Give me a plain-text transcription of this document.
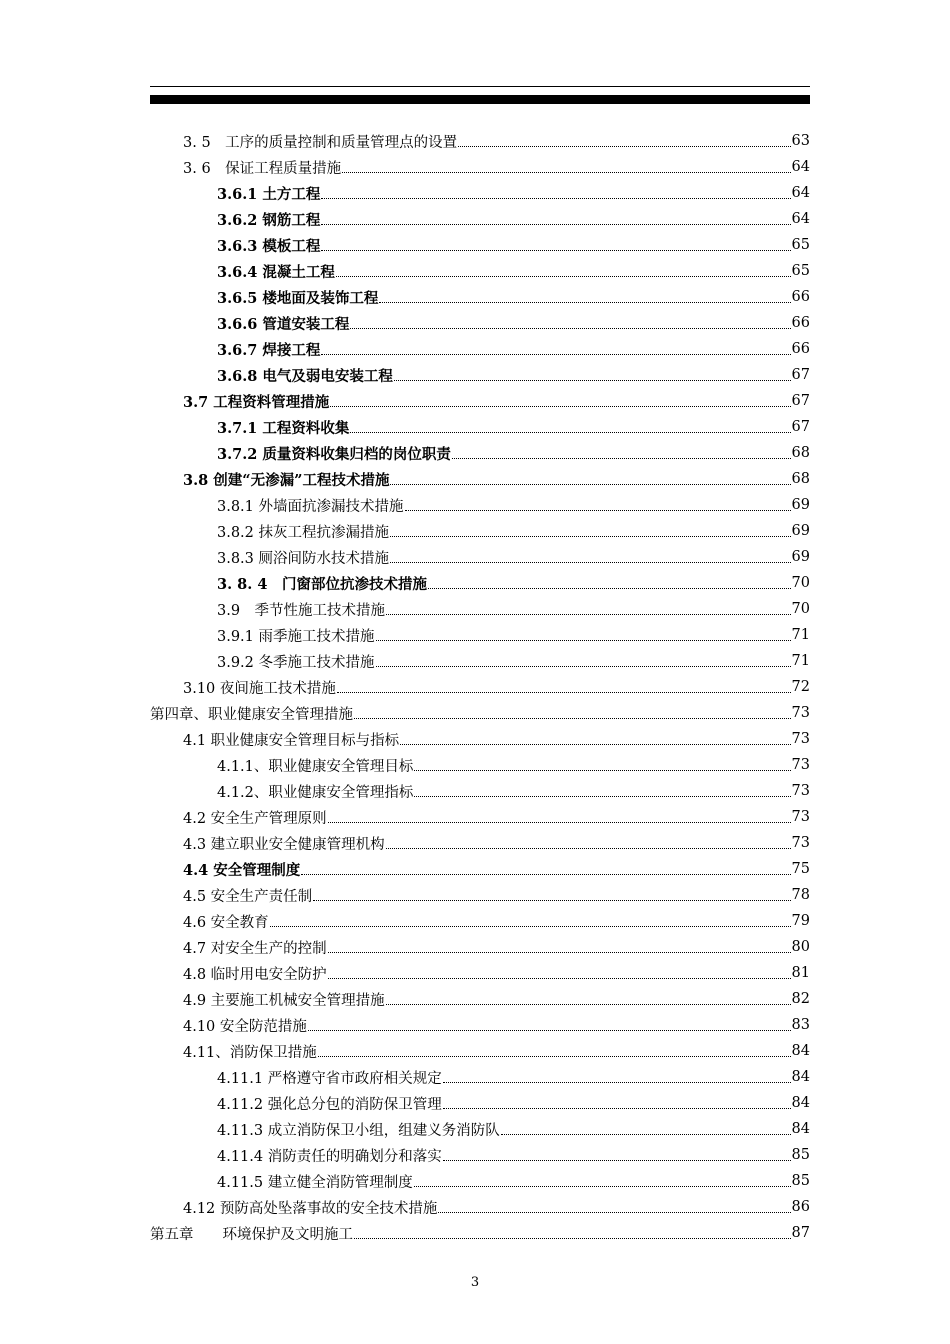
3. 5　工序的质量控制和质量管理点的设置	63
3. 6　保证工程质量措施	64
3.6.1 土方工程	64
3.6.2 钢筋工程	64
3.6.3 模板工程	65
3.6.4 混凝土工程	65
3.6.5 楼地面及装饰工程	66
3.6.6 管道安装工程	66
3.6.7 焊接工程	66
3.6.8 电气及弱电安装工程	67
3.7 工程资料管理措施	67
3.7.1 工程资料收集	67
3.7.2 质量资料收集归档的岗位职责	68
3.8 创建“无渗漏”工程技术措施	68
3.8.1 外墙面抗渗漏技术措施	69
3.8.2 抹灰工程抗渗漏措施	69
3.8.3 厕浴间防水技术措施	69
3. 8. 4　门窗部位抗渗技术措施	70
3.9　季节性施工技术措施	70
3.9.1 雨季施工技术措施	71
3.9.2 冬季施工技术措施	71
3.10 夜间施工技术措施	72
第四章、职业健康安全管理措施	73
4.1 职业健康安全管理目标与指标	73
4.1.1、职业健康安全管理目标	73
4.1.2、职业健康安全管理指标	73
4.2 安全生产管理原则	73
4.3 建立职业安全健康管理机构	73
4.4 安全管理制度	75
4.5 安全生产责任制	78
4.6 安全教育	79
4.7 对安全生产的控制	80
4.8 临时用电安全防护	81
4.9 主要施工机械安全管理措施	82
4.10 安全防范措施	83
4.11、消防保卫措施	84
4.11.1 严格遵守省市政府相关规定	84
4.11.2 强化总分包的消防保卫管理	84
4.11.3 成立消防保卫小组，组建义务消防队	84
4.11.4 消防责任的明确划分和落实	85
4.11.5 建立健全消防管理制度	85
4.12 预防高处坠落事故的安全技术措施	86
第五章　　环境保护及文明施工	87
3
